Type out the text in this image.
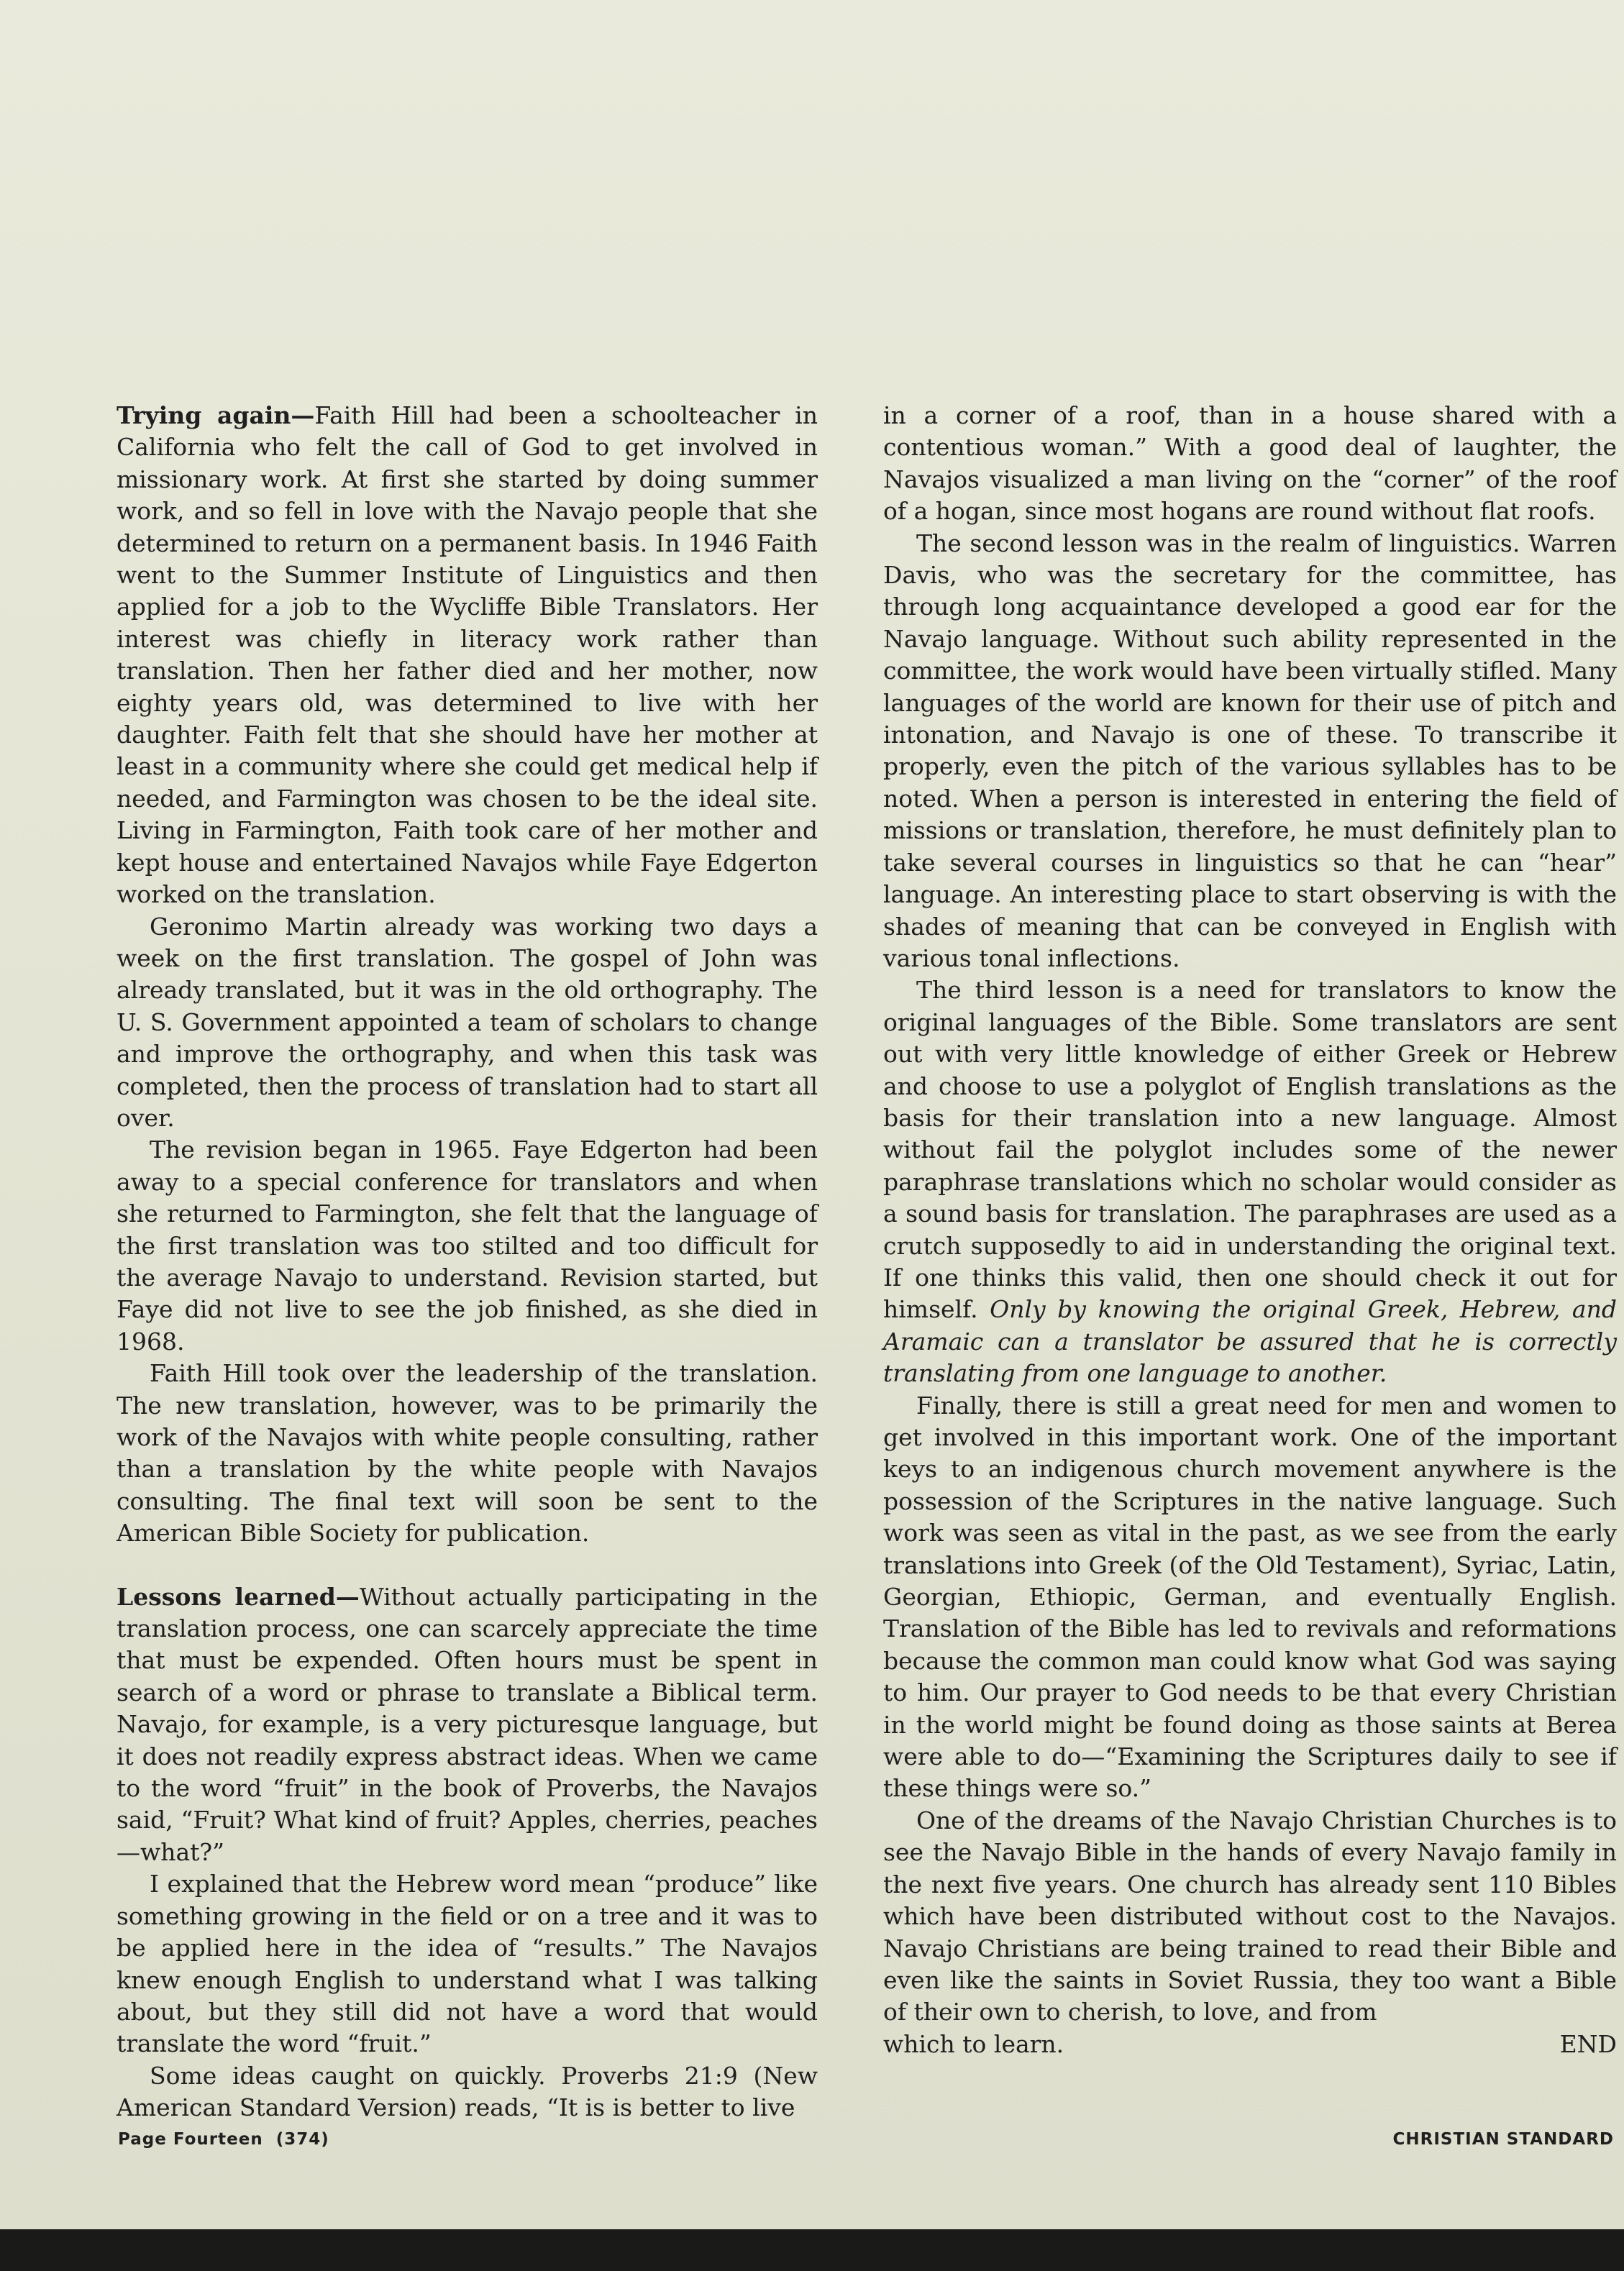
Trying again—Faith Hill had been a schoolteacher in California who felt the call of God to get involved in missionary work. At first she started by doing summer work, and so fell in love with the Navajo people that she determined to return on a permanent basis. In 1946 Faith went to the Summer Institute of Linguistics and then applied for a job to the Wycliffe Bible Translators. Her interest was chiefly in literacy work rather than translation. Then her father died and her mother, now eighty years old, was determined to live with her daughter. Faith felt that she should have her mother at least in a community where she could get medical help if needed, and Farmington was chosen to be the ideal site. Living in Farmington, Faith took care of her mother and kept house and entertained Navajos while Faye Edgerton worked on the translation.

Geronimo Martin already was working two days a week on the first translation. The gospel of John was already translated, but it was in the old orthography. The U. S. Government appointed a team of scholars to change and improve the orthography, and when this task was completed, then the process of translation had to start all over.

The revision began in 1965. Faye Edgerton had been away to a special conference for translators and when she returned to Farmington, she felt that the language of the first translation was too stilted and too difficult for the average Navajo to understand. Revision started, but Faye did not live to see the job finished, as she died in 1968.

Faith Hill took over the leadership of the translation. The new translation, however, was to be primarily the work of the Navajos with white people consulting, rather than a translation by the white people with Navajos consulting. The final text will soon be sent to the American Bible Society for publication.

Lessons learned—Without actually participating in the translation process, one can scarcely appreciate the time that must be expended. Often hours must be spent in search of a word or phrase to translate a Biblical term. Navajo, for example, is a very picturesque language, but it does not readily express abstract ideas. When we came to the word “fruit” in the book of Proverbs, the Navajos said, “Fruit? What kind of fruit? Apples, cherries, peaches—what?”

I explained that the Hebrew word mean “produce” like something growing in the field or on a tree and it was to be applied here in the idea of “results.” The Navajos knew enough English to understand what I was talking about, but they still did not have a word that would translate the word “fruit.”

Some ideas caught on quickly. Proverbs 21:9 (New American Standard Version) reads, “It is is better to live

in a corner of a roof, than in a house shared with a contentious woman.” With a good deal of laughter, the Navajos visualized a man living on the “corner” of the roof of a hogan, since most hogans are round without flat roofs.

The second lesson was in the realm of linguistics. Warren Davis, who was the secretary for the committee, has through long acquaintance developed a good ear for the Navajo language. Without such ability represented in the committee, the work would have been virtually stifled. Many languages of the world are known for their use of pitch and intonation, and Navajo is one of these. To transcribe it properly, even the pitch of the various syllables has to be noted. When a person is interested in entering the field of missions or translation, therefore, he must definitely plan to take several courses in linguistics so that he can “hear” language. An interesting place to start observing is with the shades of meaning that can be conveyed in English with various tonal inflections.

The third lesson is a need for translators to know the original languages of the Bible. Some translators are sent out with very little knowledge of either Greek or Hebrew and choose to use a polyglot of English translations as the basis for their translation into a new language. Almost without fail the polyglot includes some of the newer paraphrase translations which no scholar would consider as a sound basis for translation. The paraphrases are used as a crutch supposedly to aid in understanding the original text. If one thinks this valid, then one should check it out for himself. Only by knowing the original Greek, Hebrew, and Aramaic can a translator be assured that he is correctly translating from one language to another.

Finally, there is still a great need for men and women to get involved in this important work. One of the important keys to an indigenous church movement anywhere is the possession of the Scriptures in the native language. Such work was seen as vital in the past, as we see from the early translations into Greek (of the Old Testament), Syriac, Latin, Georgian, Ethiopic, German, and eventually English. Translation of the Bible has led to revivals and reformations because the common man could know what God was saying to him. Our prayer to God needs to be that every Christian in the world might be found doing as those saints at Berea were able to do—“Examining the Scriptures daily to see if these things were so.”

One of the dreams of the Navajo Christian Churches is to see the Navajo Bible in the hands of every Navajo family in the next five years. One church has already sent 110 Bibles which have been distributed without cost to the Navajos. Navajo Christians are being trained to read their Bible and even like the saints in Soviet Russia, they too want a Bible of their own to cherish, to love, and from

which to learn.	END
Page Fourteen  (374)	CHRISTIAN STANDARD
